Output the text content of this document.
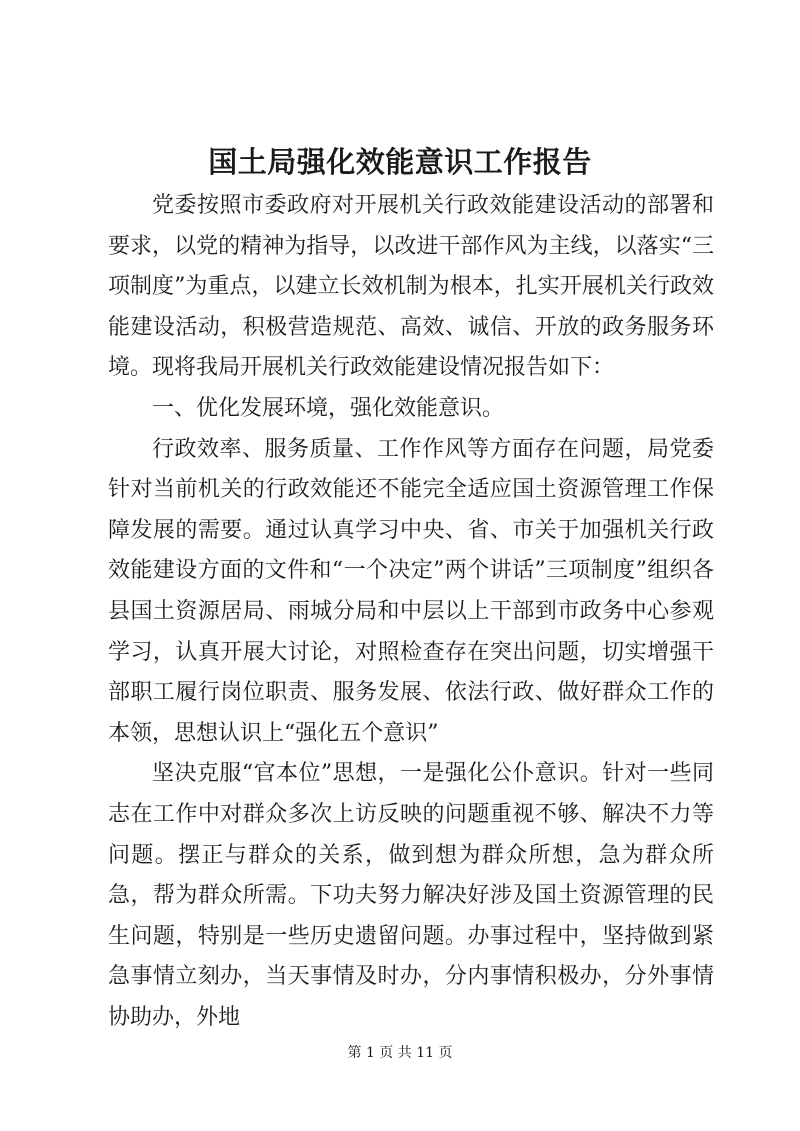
国土局强化效能意识工作报告

党委按照市委政府对开展机关行政效能建设活动的部署和要求，以党的精神为指导，以改进干部作风为主线，以落实“三项制度”为重点，以建立长效机制为根本，扎实开展机关行政效能建设活动，积极营造规范、高效、诚信、开放的政务服务环境。现将我局开展机关行政效能建设情况报告如下：

一、优化发展环境，强化效能意识。

行政效率、服务质量、工作作风等方面存在问题，局党委针对当前机关的行政效能还不能完全适应国土资源管理工作保障发展的需要。通过认真学习中央、省、市关于加强机关行政效能建设方面的文件和“一个决定”两个讲话”三项制度”组织各县国土资源居局、雨城分局和中层以上干部到市政务中心参观学习，认真开展大讨论，对照检查存在突出问题，切实增强干部职工履行岗位职责、服务发展、依法行政、做好群众工作的本领，思想认识上“强化五个意识”

坚决克服“官本位”思想，一是强化公仆意识。针对一些同志在工作中对群众多次上访反映的问题重视不够、解决不力等问题。摆正与群众的关系，做到想为群众所想，急为群众所急，帮为群众所需。下功夫努力解决好涉及国土资源管理的民生问题，特别是一些历史遗留问题。办事过程中，坚持做到紧急事情立刻办，当天事情及时办，分内事情积极办，分外事情协助办，外地

第 1 页 共 11 页
